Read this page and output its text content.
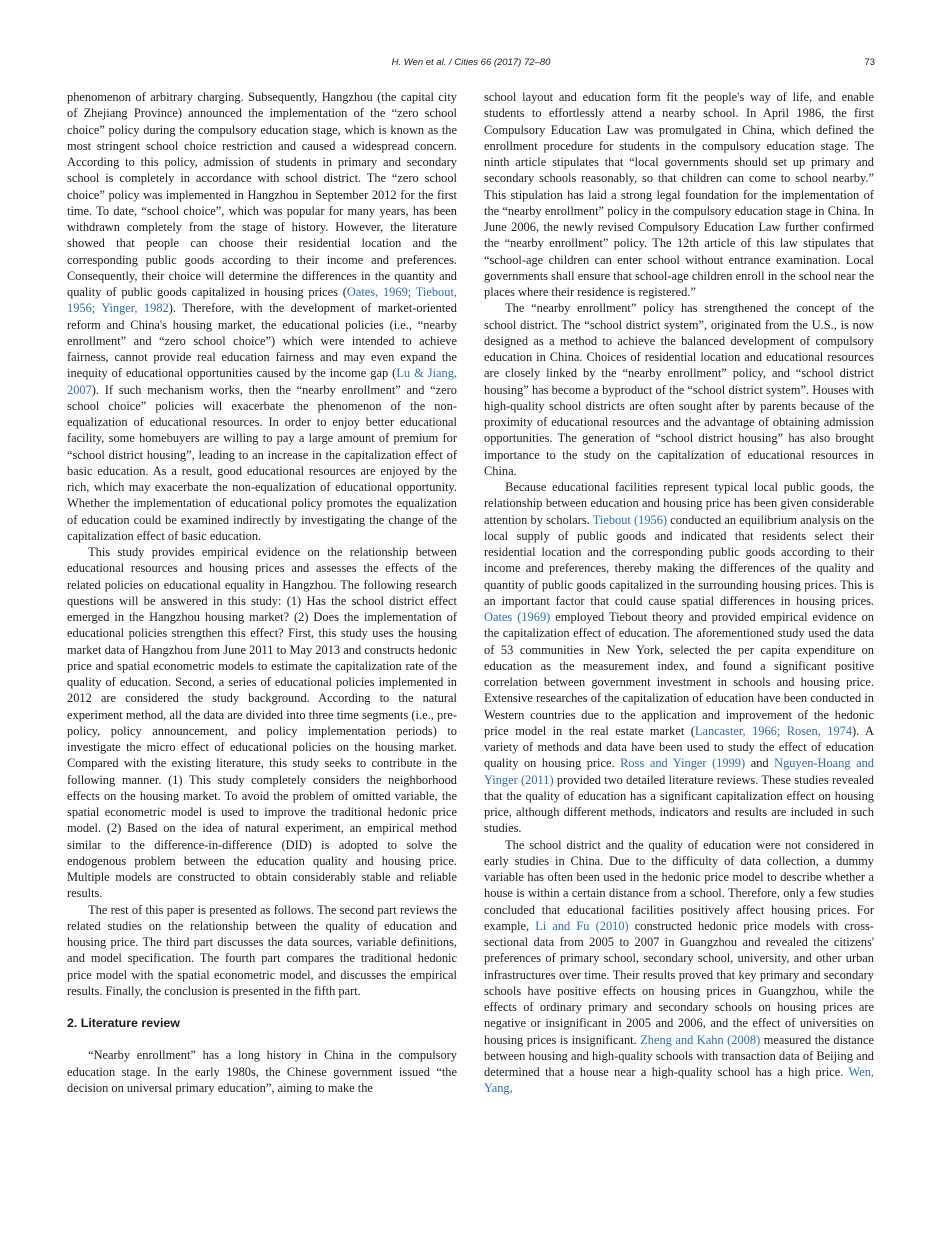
H. Wen et al. / Cities 66 (2017) 72–80	73

phenomenon of arbitrary charging. Subsequently, Hangzhou (the capital city of Zhejiang Province) announced the implementation of the “zero school choice” policy during the compulsory education stage, which is known as the most stringent school choice restriction and caused a widespread concern. According to this policy, admission of students in primary and secondary school is completely in accordance with school district. The “zero school choice” policy was implemented in Hangzhou in September 2012 for the first time. To date, “school choice”, which was popular for many years, has been withdrawn completely from the stage of history. However, the literature showed that people can choose their residential location and the corresponding public goods according to their income and preferences. Consequently, their choice will determine the differences in the quantity and quality of public goods capitalized in housing prices (Oates, 1969; Tiebout, 1956; Yinger, 1982). Therefore, with the development of market-oriented reform and China's housing market, the educational policies (i.e., “nearby enrollment” and “zero school choice”) which were intended to achieve fairness, cannot provide real education fairness and may even expand the inequity of educational opportunities caused by the income gap (Lu & Jiang, 2007). If such mechanism works, then the “nearby enrollment” and “zero school choice” policies will exacerbate the phenomenon of the non-equalization of educational resources. In order to enjoy better educational facility, some homebuyers are willing to pay a large amount of premium for “school district housing”, leading to an increase in the capitalization effect of basic education. As a result, good educational resources are enjoyed by the rich, which may exacerbate the non-equalization of educational opportunity. Whether the implementation of educational policy promotes the equalization of education could be examined indirectly by investigating the change of the capitalization effect of basic education.

This study provides empirical evidence on the relationship between educational resources and housing prices and assesses the effects of the related policies on educational equality in Hangzhou. The following research questions will be answered in this study: (1) Has the school district effect emerged in the Hangzhou housing market? (2) Does the implementation of educational policies strengthen this effect? First, this study uses the housing market data of Hangzhou from June 2011 to May 2013 and constructs hedonic price and spatial econometric models to estimate the capitalization rate of the quality of education. Second, a series of educational policies implemented in 2012 are considered the study background. According to the natural experiment method, all the data are divided into three time segments (i.e., pre-policy, policy announcement, and policy implementation periods) to investigate the micro effect of educational policies on the housing market. Compared with the existing literature, this study seeks to contribute in the following manner. (1) This study completely considers the neighborhood effects on the housing market. To avoid the problem of omitted variable, the spatial econometric model is used to improve the traditional hedonic price model. (2) Based on the idea of natural experiment, an empirical method similar to the difference-in-difference (DID) is adopted to solve the endogenous problem between the education quality and housing price. Multiple models are constructed to obtain considerably stable and reliable results.

The rest of this paper is presented as follows. The second part reviews the related studies on the relationship between the quality of education and housing price. The third part discusses the data sources, variable definitions, and model specification. The fourth part compares the traditional hedonic price model with the spatial econometric model, and discusses the empirical results. Finally, the conclusion is presented in the fifth part.

2. Literature review

“Nearby enrollment” has a long history in China in the compulsory education stage. In the early 1980s, the Chinese government issued “the decision on universal primary education”, aiming to make the

school layout and education form fit the people's way of life, and enable students to effortlessly attend a nearby school. In April 1986, the first Compulsory Education Law was promulgated in China, which defined the enrollment procedure for students in the compulsory education stage. The ninth article stipulates that “local governments should set up primary and secondary schools reasonably, so that children can come to school nearby.” This stipulation has laid a strong legal foundation for the implementation of the “nearby enrollment” policy in the compulsory education stage in China. In June 2006, the newly revised Compulsory Education Law further confirmed the “nearby enrollment” policy. The 12th article of this law stipulates that “school-age children can enter school without entrance examination. Local governments shall ensure that school-age children enroll in the school near the places where their residence is registered.”

The “nearby enrollment” policy has strengthened the concept of the school district. The “school district system”, originated from the U.S., is now designed as a method to achieve the balanced development of compulsory education in China. Choices of residential location and educational resources are closely linked by the “nearby enrollment” policy, and “school district housing” has become a byproduct of the “school district system”. Houses with high-quality school districts are often sought after by parents because of the proximity of educational resources and the advantage of obtaining admission opportunities. The generation of “school district housing” has also brought importance to the study on the capitalization of educational resources in China.

Because educational facilities represent typical local public goods, the relationship between education and housing price has been given considerable attention by scholars. Tiebout (1956) conducted an equilibrium analysis on the local supply of public goods and indicated that residents select their residential location and the corresponding public goods according to their income and preferences, thereby making the differences of the quality and quantity of public goods capitalized in the surrounding housing prices. This is an important factor that could cause spatial differences in housing prices. Oates (1969) employed Tiebout theory and provided empirical evidence on the capitalization effect of education. The aforementioned study used the data of 53 communities in New York, selected the per capita expenditure on education as the measurement index, and found a significant positive correlation between government investment in schools and housing price. Extensive researches of the capitalization of education have been conducted in Western countries due to the application and improvement of the hedonic price model in the real estate market (Lancaster, 1966; Rosen, 1974). A variety of methods and data have been used to study the effect of education quality on housing price. Ross and Yinger (1999) and Nguyen-Hoang and Yinger (2011) provided two detailed literature reviews. These studies revealed that the quality of education has a significant capitalization effect on housing price, although different methods, indicators and results are included in such studies.

The school district and the quality of education were not considered in early studies in China. Due to the difficulty of data collection, a dummy variable has often been used in the hedonic price model to describe whether a house is within a certain distance from a school. Therefore, only a few studies concluded that educational facilities positively affect housing prices. For example, Li and Fu (2010) constructed hedonic price models with cross-sectional data from 2005 to 2007 in Guangzhou and revealed the citizens' preferences of primary school, secondary school, university, and other urban infrastructures over time. Their results proved that key primary and secondary schools have positive effects on housing prices in Guangzhou, while the effects of ordinary primary and secondary schools on housing prices are negative or insignificant in 2005 and 2006, and the effect of universities on housing prices is insignificant. Zheng and Kahn (2008) measured the distance between housing and high-quality schools with transaction data of Beijing and determined that a house near a high-quality school has a high price. Wen, Yang,
